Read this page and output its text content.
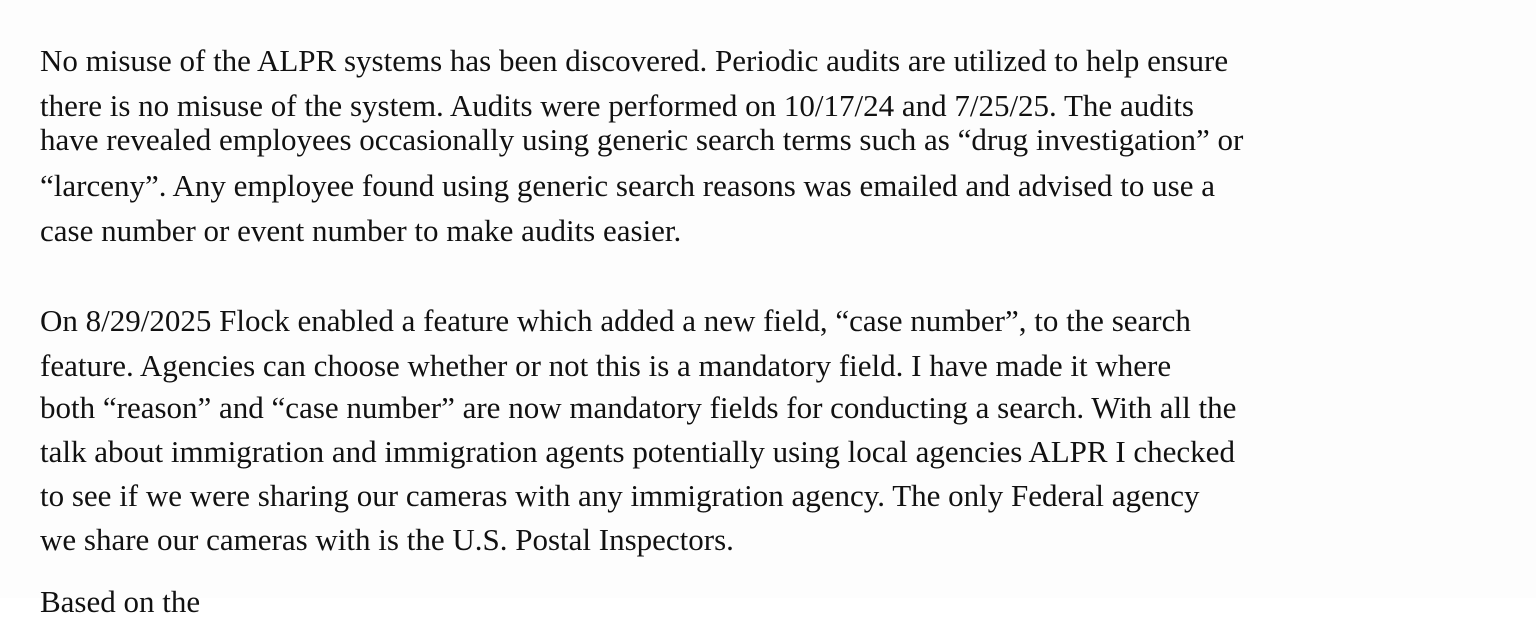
No misuse of the ALPR systems has been discovered. Periodic audits are utilized to help ensure

there is no misuse of the system. Audits were performed on 10/17/24 and 7/25/25. The audits

have revealed employees occasionally using generic search terms such as “drug investigation” or

“larceny”. Any employee found using generic search reasons was emailed and advised to use a

case number or event number to make audits easier.

On 8/29/2025 Flock enabled a feature which added a new field, “case number”, to the search

feature. Agencies can choose whether or not this is a mandatory field. I have made it where

both “reason” and “case number” are now mandatory fields for conducting a search. With all the

talk about immigration and immigration agents potentially using local agencies ALPR I checked

to see if we were sharing our cameras with any immigration agency. The only Federal agency

we share our cameras with is the U.S. Postal Inspectors.

Based on the
